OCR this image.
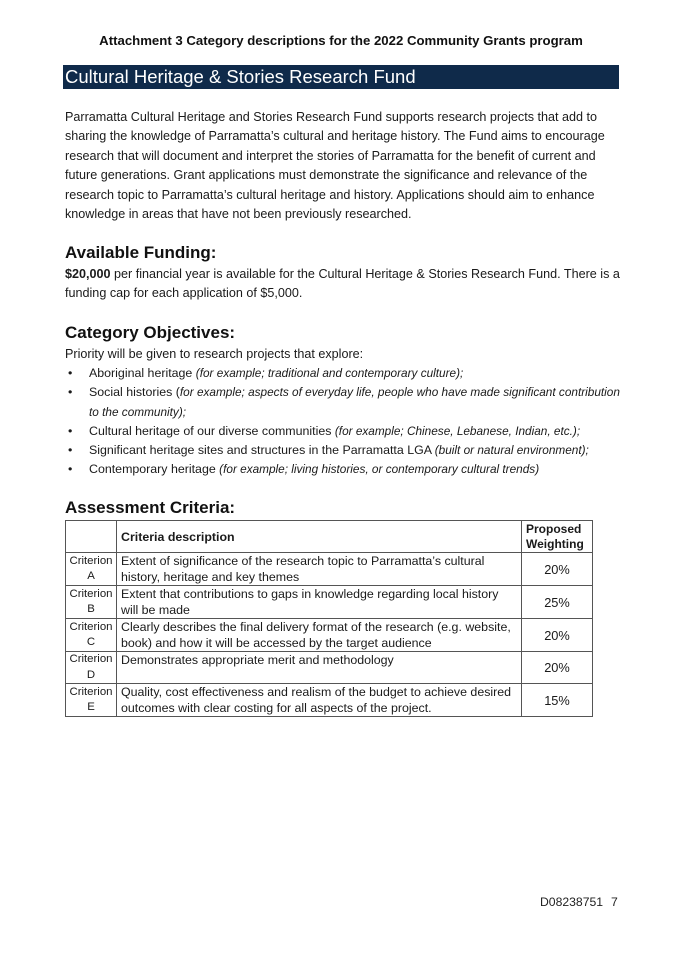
Attachment 3 Category descriptions for the 2022 Community Grants program
Cultural Heritage & Stories Research Fund
Parramatta Cultural Heritage and Stories Research Fund supports research projects that add to sharing the knowledge of Parramatta’s cultural and heritage history. The Fund aims to encourage research that will document and interpret the stories of Parramatta for the benefit of current and future generations. Grant applications must demonstrate the significance and relevance of the research topic to Parramatta’s cultural heritage and history. Applications should aim to enhance knowledge in areas that have not been previously researched.
Available Funding:
$20,000 per financial year is available for the Cultural Heritage & Stories Research Fund. There is a funding cap for each application of $5,000.
Category Objectives:
Priority will be given to research projects that explore:
• Aboriginal heritage (for example; traditional and contemporary culture);
• Social histories (for example; aspects of everyday life, people who have made significant contribution to the community);
• Cultural heritage of our diverse communities (for example; Chinese, Lebanese, Indian, etc.);
• Significant heritage sites and structures in the Parramatta LGA (built or natural environment);
• Contemporary heritage (for example; living histories, or contemporary cultural trends)
Assessment Criteria:
	Criteria description	Proposed Weighting
Criterion A	Extent of significance of the research topic to Parramatta’s cultural history, heritage and key themes	20%
Criterion B	Extent that contributions to gaps in knowledge regarding local history will be made	25%
Criterion C	Clearly describes the final delivery format of the research (e.g. website, book) and how it will be accessed by the target audience	20%
Criterion D	Demonstrates appropriate merit and methodology	20%
Criterion E	Quality, cost effectiveness and realism of the budget to achieve desired outcomes with clear costing for all aspects of the project.	15%
D08238751 7
